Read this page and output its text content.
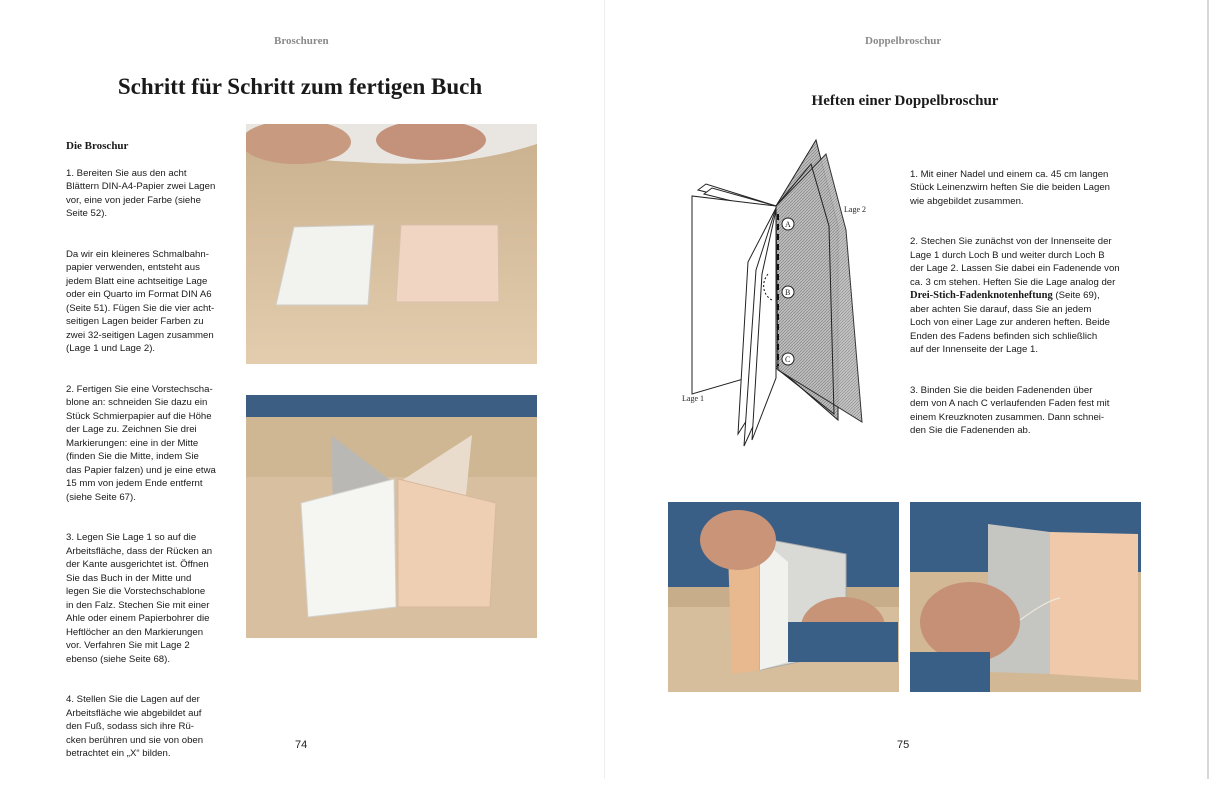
Broschuren
Schritt für Schritt zum fertigen Buch

Die Broschur

1. Bereiten Sie aus den acht
Blättern DIN-A4-Papier zwei Lagen
vor, eine von jeder Farbe (siehe
Seite 52).

Da wir ein kleineres Schmalbahn-
papier verwenden, entsteht aus
jedem Blatt eine achtseitige Lage
oder ein Quarto im Format DIN A6
(Seite 51). Fügen Sie die vier acht-
seitigen Lagen beider Farben zu
zwei 32-seitigen Lagen zusammen
(Lage 1 und Lage 2).

2. Fertigen Sie eine Vorstechscha-
blone an: schneiden Sie dazu ein
Stück Schmierpapier auf die Höhe
der Lage zu. Zeichnen Sie drei
Markierungen: eine in der Mitte
(finden Sie die Mitte, indem Sie
das Papier falzen) und je eine etwa
15 mm von jedem Ende entfernt
(siehe Seite 67).

3. Legen Sie Lage 1 so auf die
Arbeitsfläche, dass der Rücken an
der Kante ausgerichtet ist. Öffnen
Sie das Buch in der Mitte und
legen Sie die Vorstechschablone
in den Falz. Stechen Sie mit einer
Ahle oder einem Papierbohrer die
Heftlöcher an den Markierungen
vor. Verfahren Sie mit Lage 2
ebenso (siehe Seite 68).

4. Stellen Sie die Lagen auf der
Arbeitsfläche wie abgebildet auf
den Fuß, sodass sich ihre Rü-
cken berühren und sie von oben
betrachtet ein „X“ bilden.

74
Doppelbroschur
Heften einer Doppelbroschur
A
B
C
Lage 2
Lage 1

1. Mit einer Nadel und einem ca. 45 cm langen
Stück Leinenzwirn heften Sie die beiden Lagen
wie abgebildet zusammen.

2. Stechen Sie zunächst von der Innenseite der
Lage 1 durch Loch B und weiter durch Loch B
der Lage 2. Lassen Sie dabei ein Fadenende von
ca. 3 cm stehen. Heften Sie die Lage analog der
Drei-Stich-Fadenknotenheftung (Seite 69),
aber achten Sie darauf, dass Sie an jedem
Loch von einer Lage zur anderen heften. Beide
Enden des Fadens befinden sich schließlich
auf der Innenseite der Lage 1.

3. Binden Sie die beiden Fadenenden über
dem von A nach C verlaufenden Faden fest mit
einem Kreuzknoten zusammen. Dann schnei-
den Sie die Fadenenden ab.

75
